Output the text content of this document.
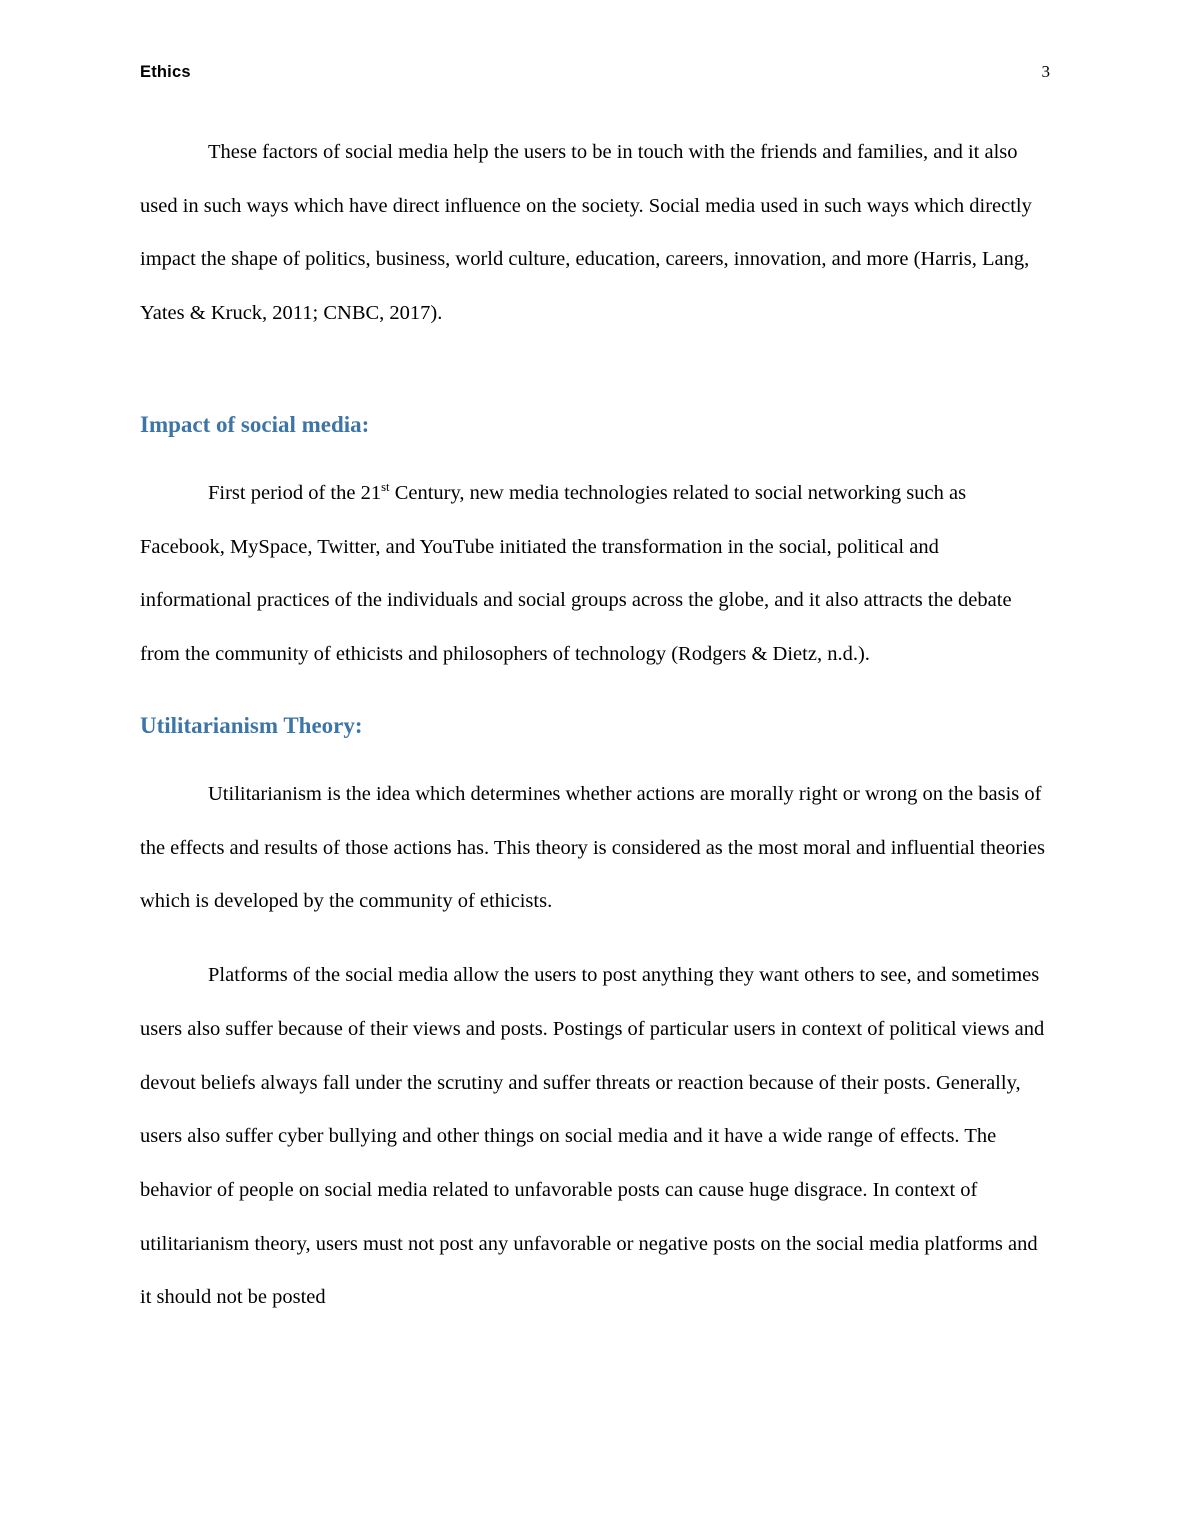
Ethics	3

These factors of social media help the users to be in touch with the friends and families, and it also used in such ways which have direct influence on the society. Social media used in such ways which directly impact the shape of politics, business, world culture, education, careers, innovation, and more (Harris, Lang, Yates & Kruck, 2011; CNBC, 2017).

Impact of social media:

First period of the 21st Century, new media technologies related to social networking such as Facebook, MySpace, Twitter, and YouTube initiated the transformation in the social, political and informational practices of the individuals and social groups across the globe, and it also attracts the debate from the community of ethicists and philosophers of technology (Rodgers & Dietz, n.d.).

Utilitarianism Theory:

Utilitarianism is the idea which determines whether actions are morally right or wrong on the basis of the effects and results of those actions has. This theory is considered as the most moral and influential theories which is developed by the community of ethicists.

Platforms of the social media allow the users to post anything they want others to see, and sometimes users also suffer because of their views and posts. Postings of particular users in context of political views and devout beliefs always fall under the scrutiny and suffer threats or reaction because of their posts. Generally, users also suffer cyber bullying and other things on social media and it have a wide range of effects. The behavior of people on social media related to unfavorable posts can cause huge disgrace. In context of utilitarianism theory, users must not post any unfavorable or negative posts on the social media platforms and it should not be posted
